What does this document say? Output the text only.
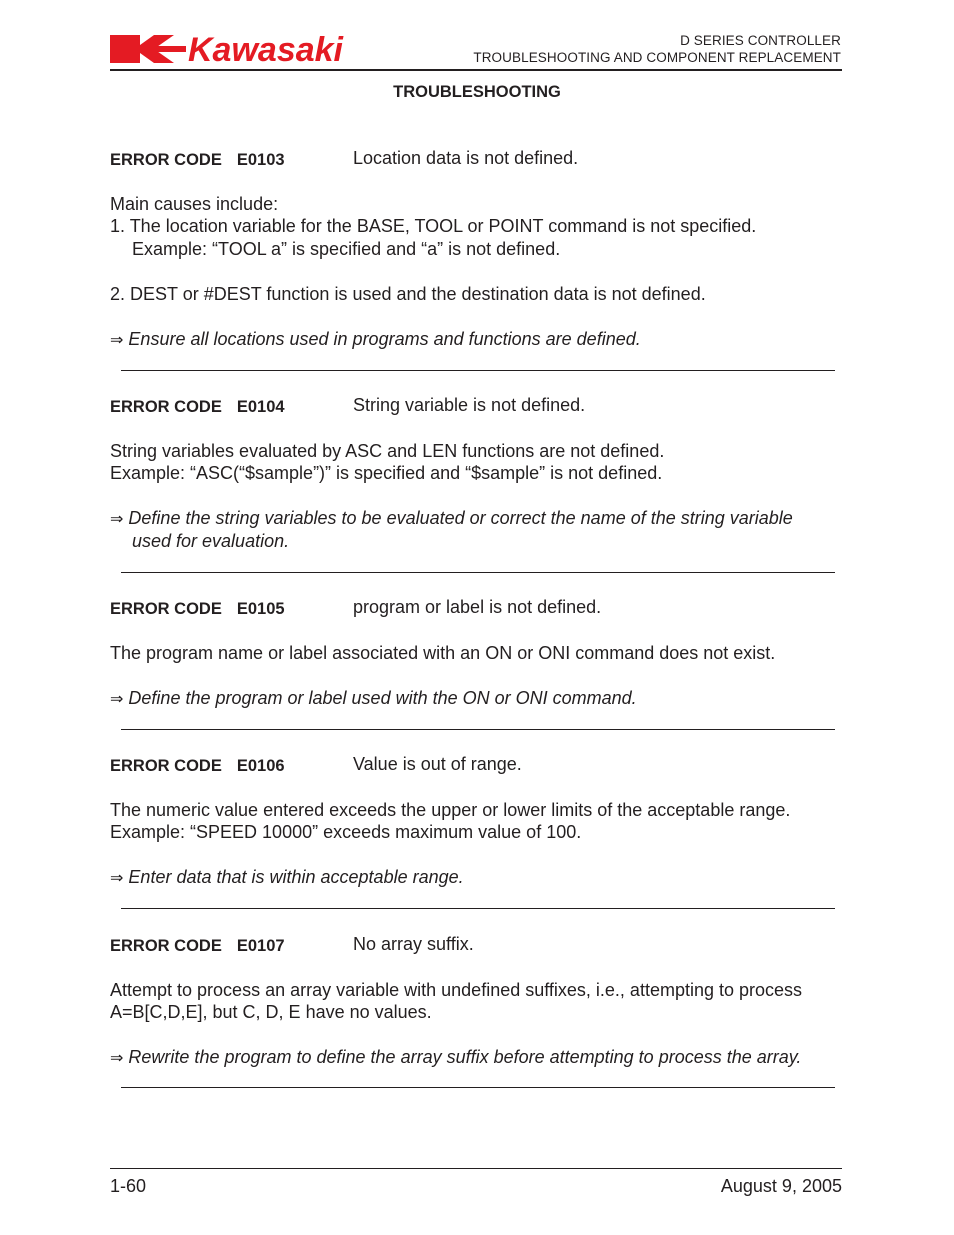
Kawasaki	D SERIES CONTROLLER
TROUBLESHOOTING AND COMPONENT REPLACEMENT
TROUBLESHOOTING
ERROR CODE E0103	Location data is not defined.
Main causes include:
1. The location variable for the BASE, TOOL or POINT command is not specified.
Example: “TOOL a” is specified and “a” is not defined.
2. DEST or #DEST function is used and the destination data is not defined.
⇒ Ensure all locations used in programs and functions are defined.
ERROR CODE E0104	String variable is not defined.
String variables evaluated by ASC and LEN functions are not defined.
Example: “ASC(“$sample”)” is specified and “$sample” is not defined.
⇒ Define the string variables to be evaluated or correct the name of the string variable
used for evaluation.
ERROR CODE E0105	program or label is not defined.
The program name or label associated with an ON or ONI command does not exist.
⇒ Define the program or label used with the ON or ONI command.
ERROR CODE E0106	Value is out of range.
The numeric value entered exceeds the upper or lower limits of the acceptable range.
Example: “SPEED 10000” exceeds maximum value of 100.
⇒ Enter data that is within acceptable range.
ERROR CODE E0107	No array suffix.
Attempt to process an array variable with undefined suffixes, i.e., attempting to process
A=B[C,D,E], but C, D, E have no values.
⇒ Rewrite the program to define the array suffix before attempting to process the array.
1-60	August 9, 2005
